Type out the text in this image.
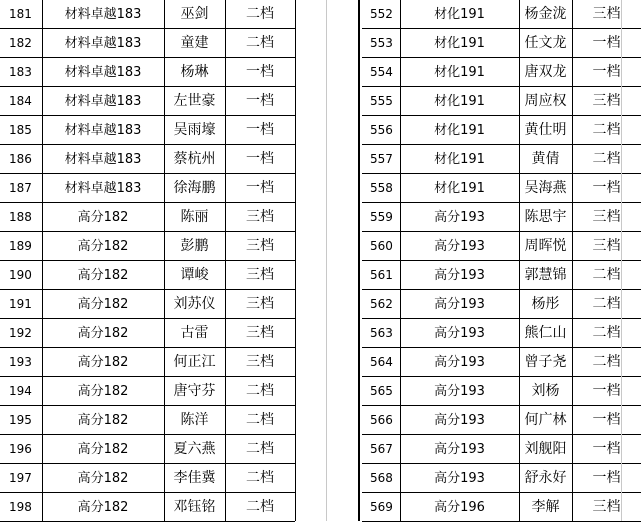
181	材料卓越183	巫剑	二档	552	材化191	杨金泷	三档
182	材料卓越183	童建	二档	553	材化191	任文龙	一档
183	材料卓越183	杨琳	一档	554	材化191	唐双龙	一档
184	材料卓越183	左世豪	一档	555	材化191	周应权	三档
185	材料卓越183	吴雨壕	一档	556	材化191	黄仕明	二档
186	材料卓越183	蔡杭州	一档	557	材化191	黄倩	二档
187	材料卓越183	徐海鹏	一档	558	材化191	吴海燕	一档
188	高分182	陈丽	三档	559	高分193	陈思宇	三档
189	高分182	彭鹏	三档	560	高分193	周晖悦	三档
190	高分182	谭峻	三档	561	高分193	郭慧锦	二档
191	高分182	刘苏仪	三档	562	高分193	杨彤	二档
192	高分182	古雷	三档	563	高分193	熊仁山	二档
193	高分182	何正江	三档	564	高分193	曾子尧	二档
194	高分182	唐守芬	二档	565	高分193	刘杨	一档
195	高分182	陈洋	二档	566	高分193	何广林	一档
196	高分182	夏六燕	二档	567	高分193	刘舰阳	一档
197	高分182	李佳冀	二档	568	高分193	舒永好	一档
198	高分182	邓钰铭	二档	569	高分196	李解	三档
